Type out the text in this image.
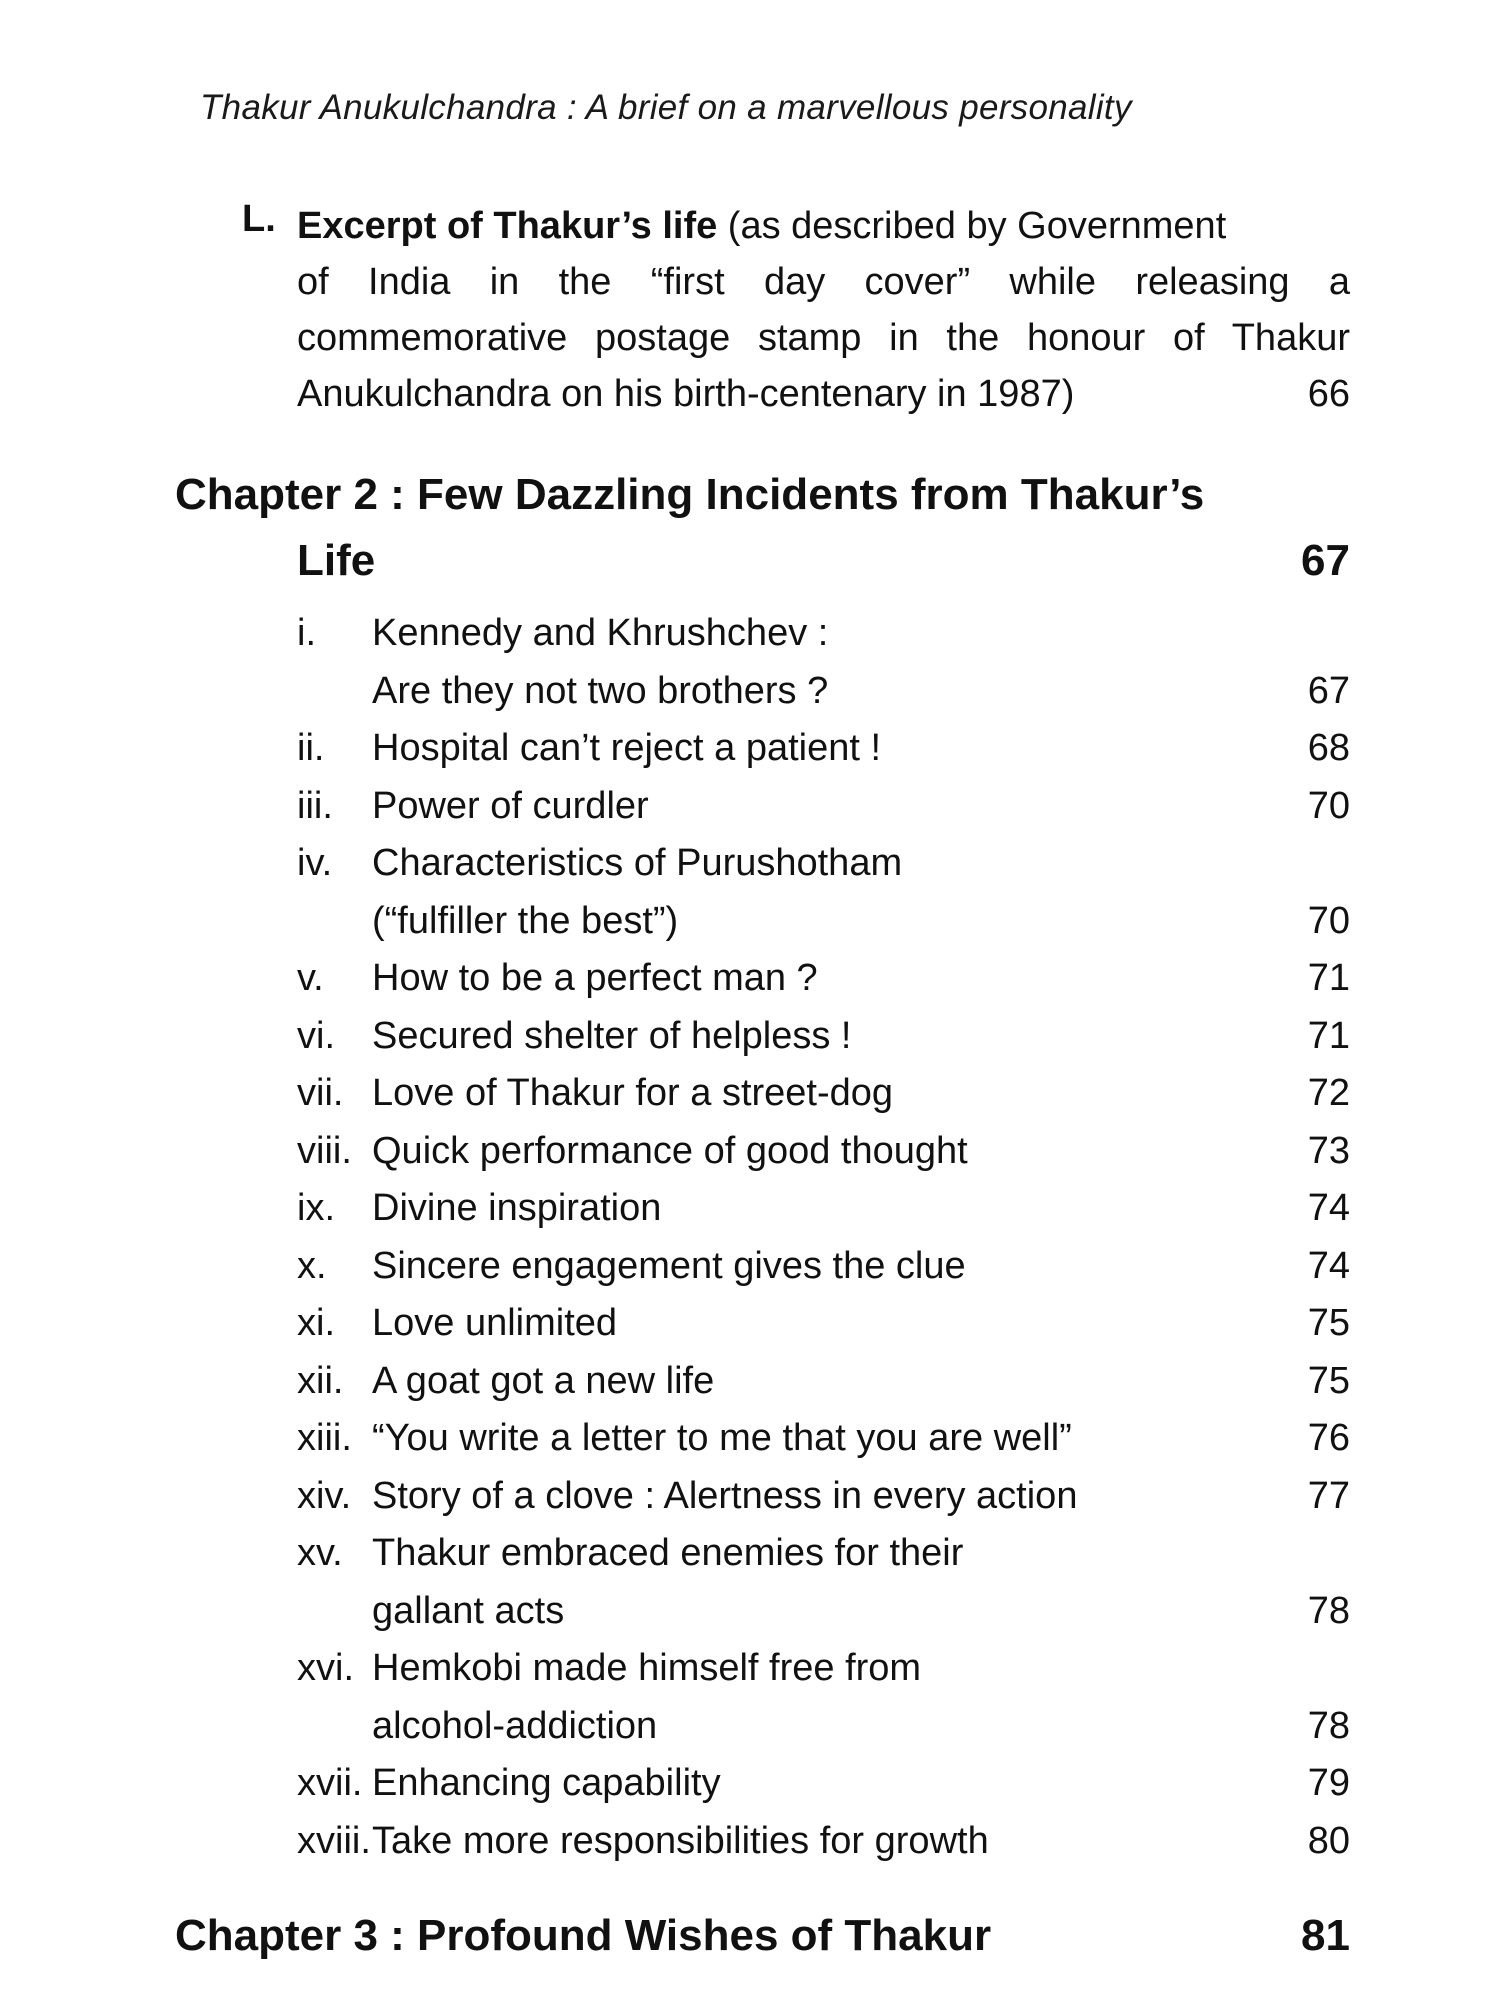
Thakur Anukulchandra : A brief on a marvellous personality
L. Excerpt of Thakur’s life (as described by Government
of India in the “first day cover” while releasing a
commemorative postage stamp in the honour of Thakur
Anukulchandra on his birth-centenary in 1987)	66
Chapter 2 : Few Dazzling Incidents from Thakur’s
Life	67
i. Kennedy and Khrushchev :
Are they not two brothers ?	67
ii. Hospital can’t reject a patient !	68
iii. Power of curdler	70
iv. Characteristics of Purushotham
(“fulfiller the best”)	70
v. How to be a perfect man ?	71
vi. Secured shelter of helpless !	71
vii. Love of Thakur for a street-dog	72
viii. Quick performance of good thought	73
ix. Divine inspiration	74
x. Sincere engagement gives the clue	74
xi. Love unlimited	75
xii. A goat got a new life	75
xiii. “You write a letter to me that you are well”	76
xiv. Story of a clove : Alertness in every action	77
xv. Thakur embraced enemies for their
gallant acts	78
xvi. Hemkobi made himself free from
alcohol-addiction	78
xvii. Enhancing capability	79
xviii. Take more responsibilities for growth	80
Chapter 3 : Profound Wishes of Thakur	81
